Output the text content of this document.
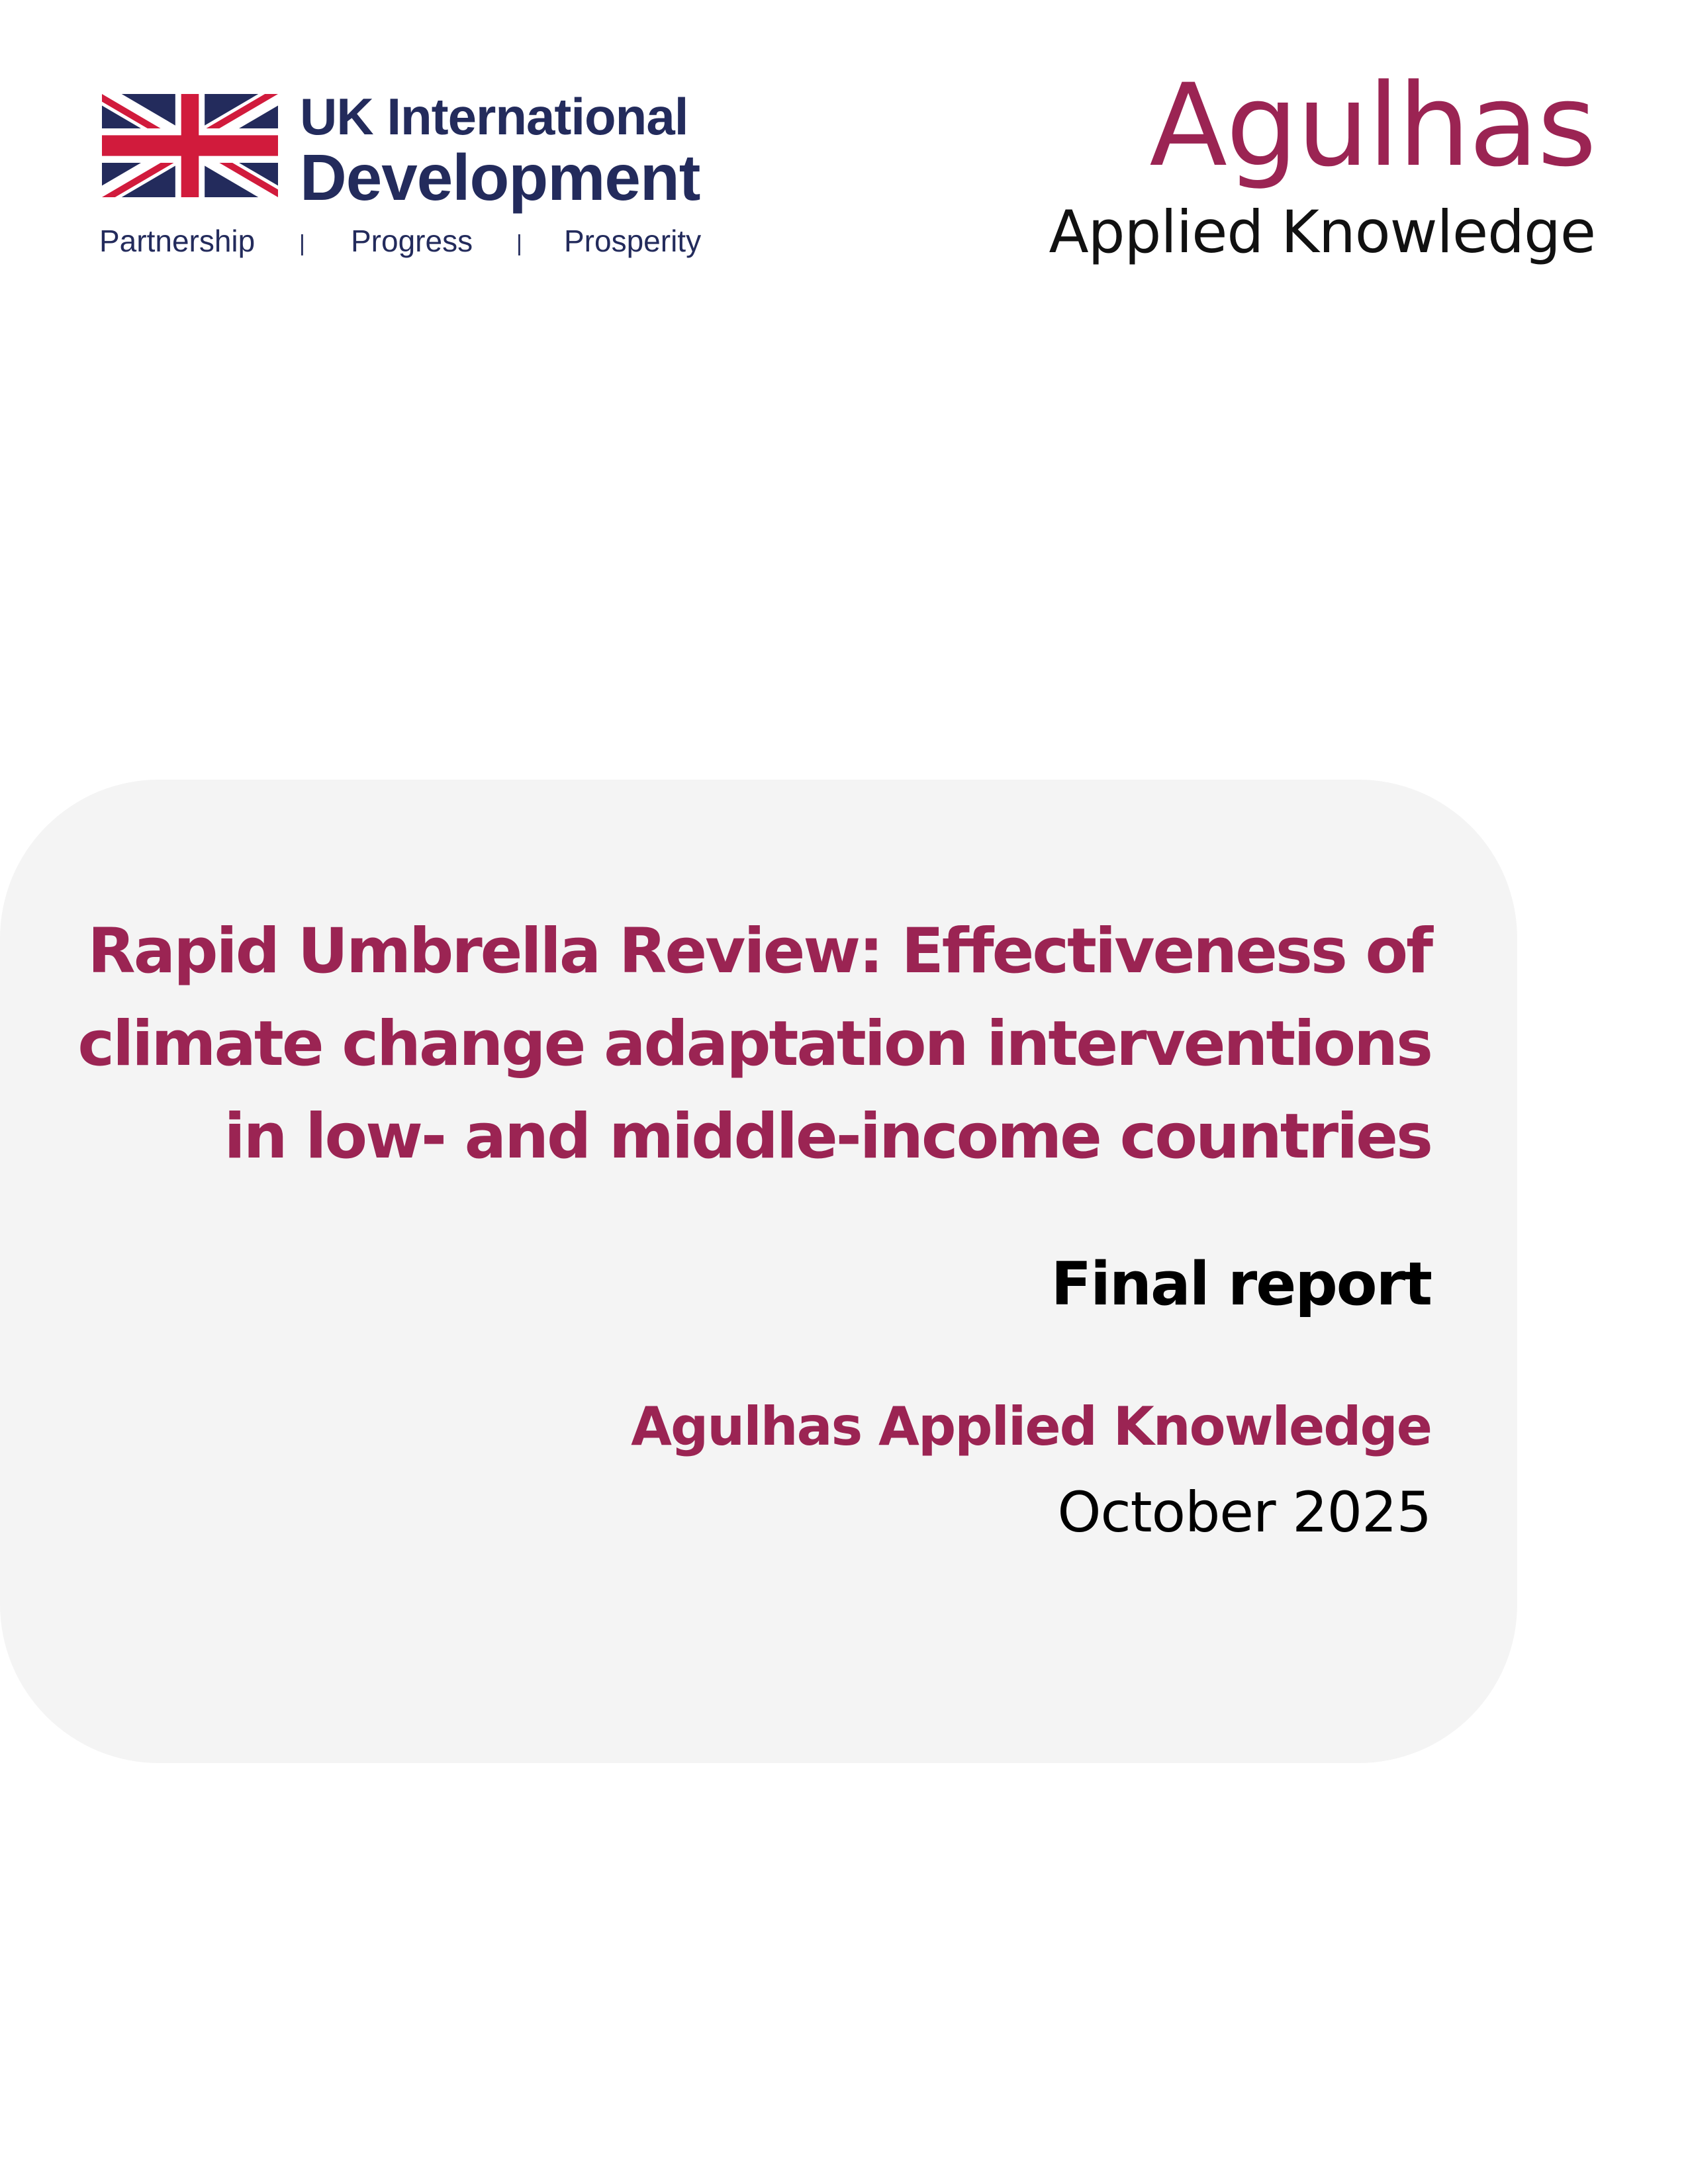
UK International
Development
Partnership | Progress | Prosperity
Agulhas
Applied Knowledge
Rapid Umbrella Review: Effectiveness of
climate change adaptation interventions
in low- and middle-income countries

Final report

Agulhas Applied Knowledge

October 2025
